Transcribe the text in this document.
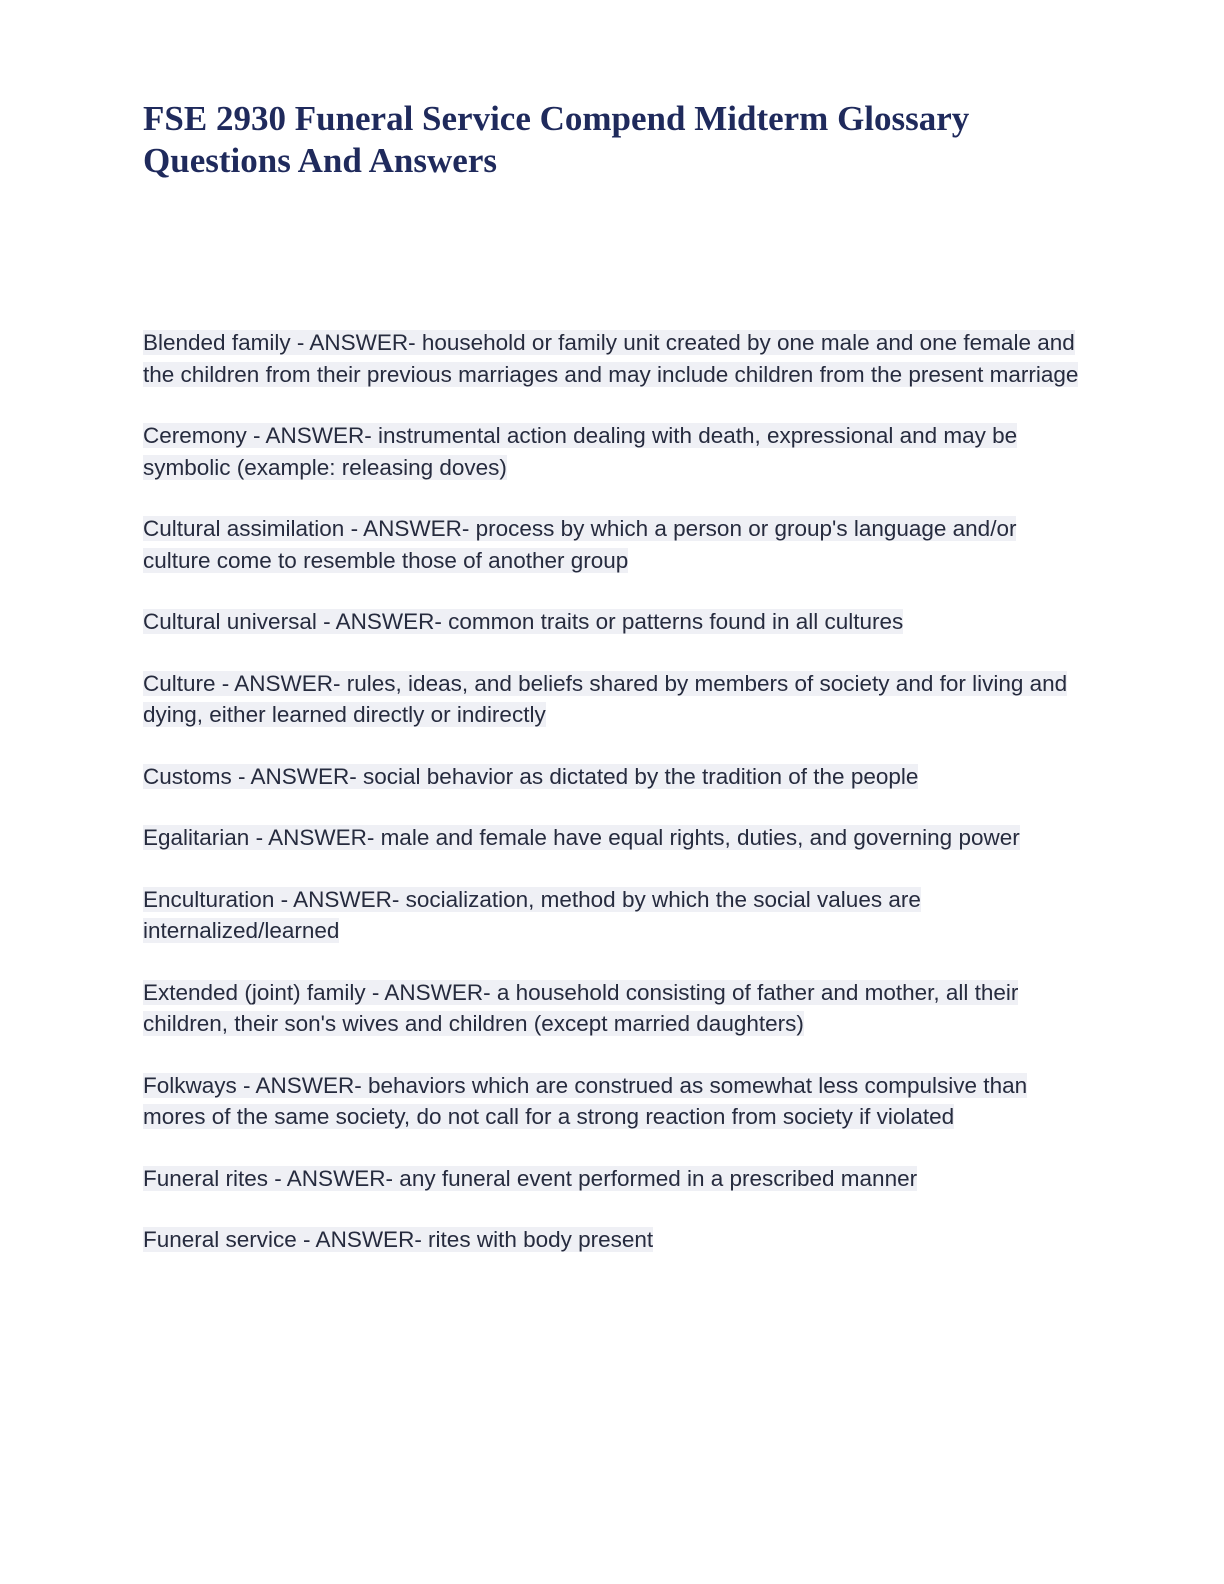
FSE 2930 Funeral Service Compend Midterm Glossary Questions And Answers

Blended family - ANSWER- household or family unit created by one male and one female and the children from their previous marriages and may include children from the present marriage

Ceremony - ANSWER- instrumental action dealing with death, expressional and may be symbolic (example: releasing doves)

Cultural assimilation - ANSWER- process by which a person or group's language and/or culture come to resemble those of another group

Cultural universal - ANSWER- common traits or patterns found in all cultures

Culture - ANSWER- rules, ideas, and beliefs shared by members of society and for living and dying, either learned directly or indirectly

Customs - ANSWER- social behavior as dictated by the tradition of the people

Egalitarian - ANSWER- male and female have equal rights, duties, and governing power

Enculturation - ANSWER- socialization, method by which the social values are internalized/learned

Extended (joint) family - ANSWER- a household consisting of father and mother, all their children, their son's wives and children (except married daughters)

Folkways - ANSWER- behaviors which are construed as somewhat less compulsive than mores of the same society, do not call for a strong reaction from society if violated

Funeral rites - ANSWER- any funeral event performed in a prescribed manner

Funeral service - ANSWER- rites with body present
